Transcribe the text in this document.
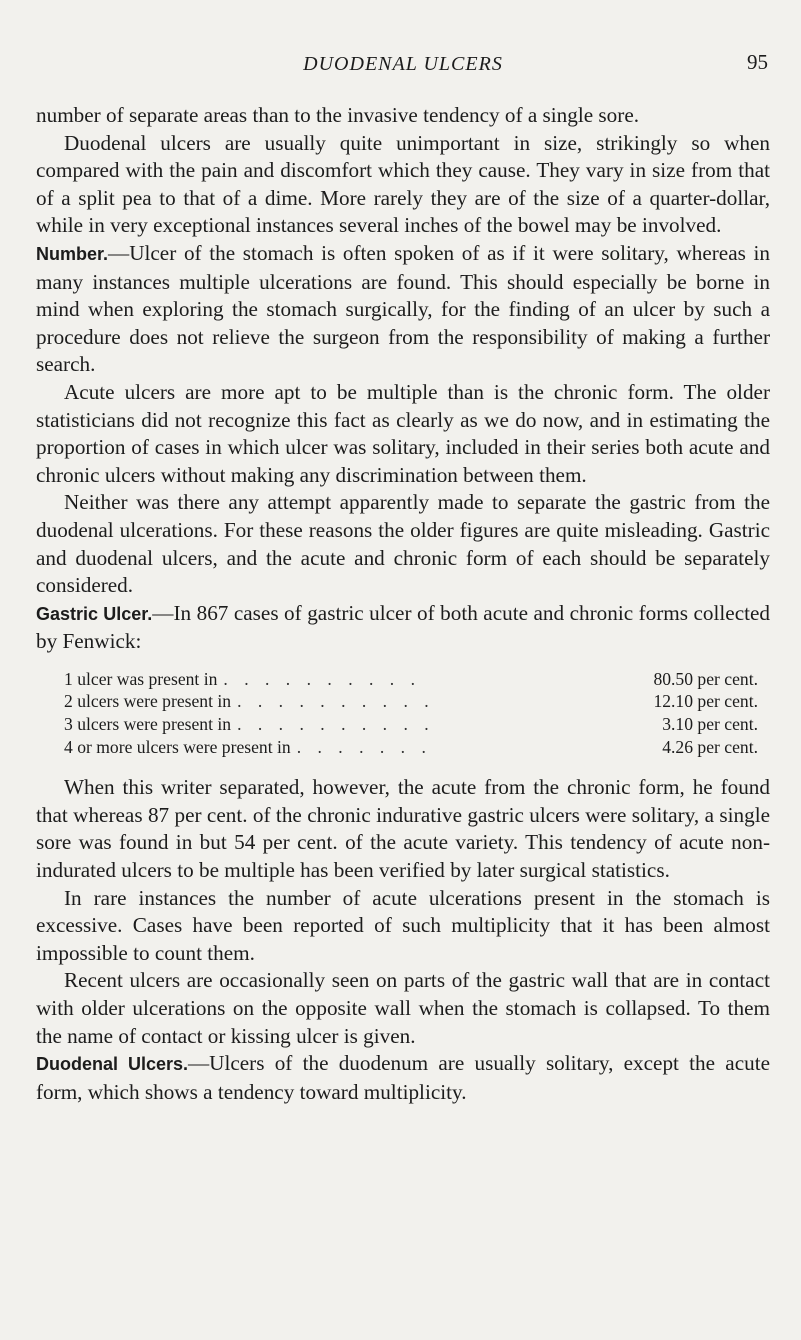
DUODENAL ULCERS	95

number of separate areas than to the invasive tendency of a single sore.

Duodenal ulcers are usually quite unimportant in size, strikingly so when compared with the pain and discomfort which they cause. They vary in size from that of a split pea to that of a dime. More rarely they are of the size of a quarter-dollar, while in very exceptional instances several inches of the bowel may be involved.

Number.—Ulcer of the stomach is often spoken of as if it were solitary, whereas in many instances multiple ulcerations are found. This should especially be borne in mind when exploring the stomach surgically, for the finding of an ulcer by such a procedure does not relieve the surgeon from the responsibility of making a further search.

Acute ulcers are more apt to be multiple than is the chronic form. The older statisticians did not recognize this fact as clearly as we do now, and in estimating the proportion of cases in which ulcer was solitary, included in their series both acute and chronic ulcers without making any discrimination between them.

Neither was there any attempt apparently made to separate the gastric from the duodenal ulcerations. For these reasons the older figures are quite misleading. Gastric and duodenal ulcers, and the acute and chronic form of each should be separately considered.

Gastric Ulcer.—In 867 cases of gastric ulcer of both acute and chronic forms collected by Fenwick:

1 ulcer was present in . . . . . . . . . .	80.50 per cent.
2 ulcers were present in . . . . . . . . . .	12.10 per cent.
3 ulcers were present in . . . . . . . . . .	3.10 per cent.
4 or more ulcers were present in . . . . . . .	4.26 per cent.

When this writer separated, however, the acute from the chronic form, he found that whereas 87 per cent. of the chronic indurative gastric ulcers were solitary, a single sore was found in but 54 per cent. of the acute variety. This tendency of acute non-indurated ulcers to be multiple has been verified by later surgical statistics.

In rare instances the number of acute ulcerations present in the stomach is excessive. Cases have been reported of such multiplicity that it has been almost impossible to count them.

Recent ulcers are occasionally seen on parts of the gastric wall that are in contact with older ulcerations on the opposite wall when the stomach is collapsed. To them the name of contact or kissing ulcer is given.

Duodenal Ulcers.—Ulcers of the duodenum are usually solitary, except the acute form, which shows a tendency toward multiplicity.
